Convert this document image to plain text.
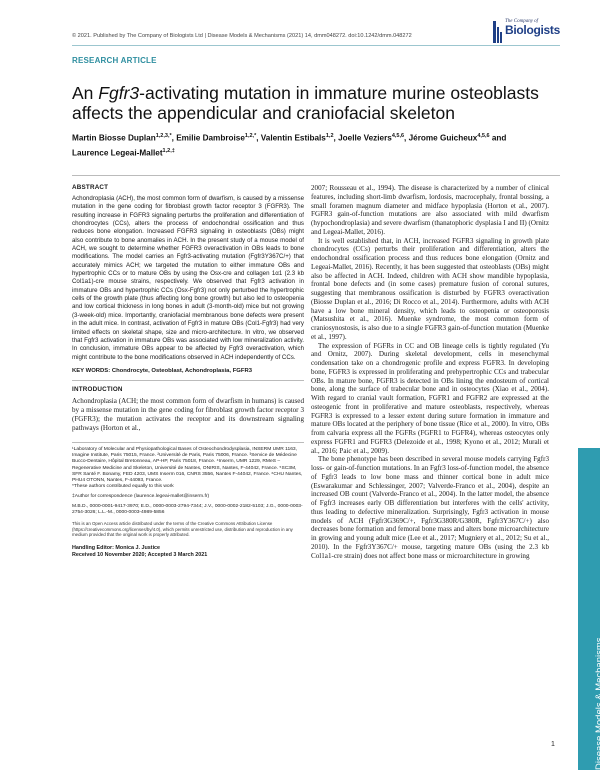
© 2021. Published by The Company of Biologists Ltd | Disease Models & Mechanisms (2021) 14, dmm048272. doi:10.1242/dmm.048272
The Company of
Biologists
RESEARCH ARTICLE
An Fgfr3-activating mutation in immature murine osteoblasts affects the appendicular and craniofacial skeleton
Martin Biosse Duplan$^{1,2,3,*}$, Emilie Dambroise$^{1,2,*}$, Valentin Estibals$^{1,2}$, Joelle Veziers$^{4,5,6}$, Jérome Guicheux$^{4,5,6}$ and Laurence Legeai-Mallet$^{1,2,\ddagger}$
ABSTRACT

Achondroplasia (ACH), the most common form of dwarfism, is caused by a missense mutation in the gene coding for fibroblast growth factor receptor 3 (FGFR3). The resulting increase in FGFR3 signaling perturbs the proliferation and differentiation of chondrocytes (CCs), alters the process of endochondral ossification and thus reduces bone elongation. Increased FGFR3 signaling in osteoblasts (OBs) might also contribute to bone anomalies in ACH. In the present study of a mouse model of ACH, we sought to determine whether FGFR3 overactivation in OBs leads to bone modifications. The model carries an Fgfr3-activating mutation (Fgfr3Y367C/+) that accurately mimics ACH; we targeted the mutation to either immature OBs and hypertrophic CCs or to mature OBs by using the Osx-cre and collagen 1α1 (2.3 kb Col1a1)-cre mouse strains, respectively. We observed that Fgfr3 activation in immature OBs and hypertrophic CCs (Osx-Fgfr3) not only perturbed the hypertrophic cells of the growth plate (thus affecting long bone growth) but also led to osteopenia and low cortical thickness in long bones in adult (3-month-old) mice but not growing (3-week-old) mice. Importantly, craniofacial membranous bone defects were present in the adult mice. In contrast, activation of Fgfr3 in mature OBs (Col1-Fgfr3) had very limited effects on skeletal shape, size and micro-architecture. In vitro, we observed that Fgfr3 activation in immature OBs was associated with low mineralization activity. In conclusion, immature OBs appear to be affected by Fgfr3 overactivation, which might contribute to the bone modifications observed in ACH independently of CCs.

KEY WORDS: Chondrocyte, Osteoblast, Achondroplasia, FGFR3
INTRODUCTION

Achondroplasia (ACH; the most common form of dwarfism in humans) is caused by a missense mutation in the gene coding for fibroblast growth factor receptor 3 (FGFR3); the mutation activates the receptor and its downstream signaling pathways (Horton et al.,

¹Laboratory of Molecular and Physiopathological Bases of Osteochondrodysplasia, INSERM UMR 1163, Imagine Institute, Paris 75015, France. ²Université de Paris, Paris 75006, France. ³Service de Médecine Bucco-Dentaire, Hôpital Bretonneau, AP-HP, Paris 75018, France. ⁴Inserm, UMR 1229, RMeS – Regenerative Medicine and Skeleton, Université de Nantes, ONIRIS, Nantes, F-44042, France. ⁵SC3M, SFR Santé F. Bonamy, FED 4203, UMS Inserm 016, CNRS 3556, Nantes F-44042, France. ⁶CHU Nantes, PHU4 OTONN, Nantes, F-44093, France.
*These authors contributed equally to this work

‡Author for correspondence (laurence.legeai-mallet@inserm.fr)
M.B.D., 0000-0001-9417-3970; E.D., 0000-0003-2794-7344; J.V., 0000-0002-2182-5103; J.G., 0000-0003-2754-3026; L.L.-M., 0000-0003-4989-5856
This is an Open Access article distributed under the terms of the Creative Commons Attribution License (https://creativecommons.org/licenses/by/4.0), which permits unrestricted use, distribution and reproduction in any medium provided that the original work is properly attributed.
Handling Editor: Monica J. Justice
Received 10 November 2020; Accepted 3 March 2021

2007; Rousseau et al., 1994). The disease is characterized by a number of clinical features, including short-limb dwarfism, lordosis, macrocephaly, frontal bossing, a small foramen magnum diameter and midface hypoplasia (Horton et al., 2007). FGFR3 gain-of-function mutations are also associated with mild dwarfism (hypochondroplasia) and severe dwarfism (thanatophoric dysplasia I and II) (Ornitz and Legeai-Mallet, 2016).

It is well established that, in ACH, increased FGFR3 signaling in growth plate chondrocytes (CCs) perturbs their proliferation and differentiation, alters the endochondral ossification process and thus reduces bone elongation (Ornitz and Legeai-Mallet, 2016). Recently, it has been suggested that osteoblasts (OBs) might also be affected in ACH. Indeed, children with ACH show mandible hypoplasia, frontal bone defects and (in some cases) premature fusion of coronal sutures, suggesting that membranous ossification is disturbed by FGFR3 overactivation (Biosse Duplan et al., 2016; Di Rocco et al., 2014). Furthermore, adults with ACH have a low bone mineral density, which leads to osteopenia or osteoporosis (Matsushita et al., 2016). Muenke syndrome, the most common form of craniosynostosis, is also due to a single FGFR3 gain-of-function mutation (Muenke et al., 1997).

The expression of FGFRs in CC and OB lineage cells is tightly regulated (Yu and Ornitz, 2007). During skeletal development, cells in mesenchymal condensation take on a chondrogenic profile and express FGFR3. In developing bone, FGFR3 is expressed in proliferating and prehypertrophic CCs and trabecular OBs. In mature bone, FGFR3 is detected in OBs lining the endosteum of cortical bone, along the surface of trabecular bone and in osteocytes (Xiao et al., 2004). With regard to cranial vault formation, FGFR1 and FGFR2 are expressed at the osteogenic front in proliferative and mature osteoblasts, respectively, whereas FGFR3 is expressed to a lesser extent during suture formation in immature and mature OBs located at the periphery of bone tissue (Rice et al., 2000). In vitro, OBs from calvaria express all the FGFRs (FGFR1 to FGFR4), whereas osteocytes only express FGFR1 and FGFR3 (Delezoide et al., 1998; Kyono et al., 2012; Murali et al., 2016; Paic et al., 2009).

The bone phenotype has been described in several mouse models carrying Fgfr3 loss- or gain-of-function mutations. In an Fgfr3 loss-of-function model, the absence of Fgfr3 leads to low bone mass and thinner cortical bone in adult mice (Eswarakumar and Schlessinger, 2007; Valverde-Franco et al., 2004), despite an increased OB count (Valverde-Franco et al., 2004). In the latter model, the absence of Fgfr3 increases early OB differentiation but interferes with the cells' activity, thus leading to defective mineralization. Surprisingly, Fgfr3 activation in mouse models of ACH (Fgfr3G369C/+, Fgfr3G380R/G380R, Fgfr3Y367C/+) also decreases bone formation and femoral bone mass and alters bone microarchitecture in growing and young adult mice (Lee et al., 2017; Mugniery et al., 2012; Su et al., 2010). In the Fgfr3Y367C/+ mouse, targeting mature OBs (using the 2.3 kb Col1a1-cre strain) does not affect bone mass or microarchitecture in growing

Disease Models & Mechanisms
1
